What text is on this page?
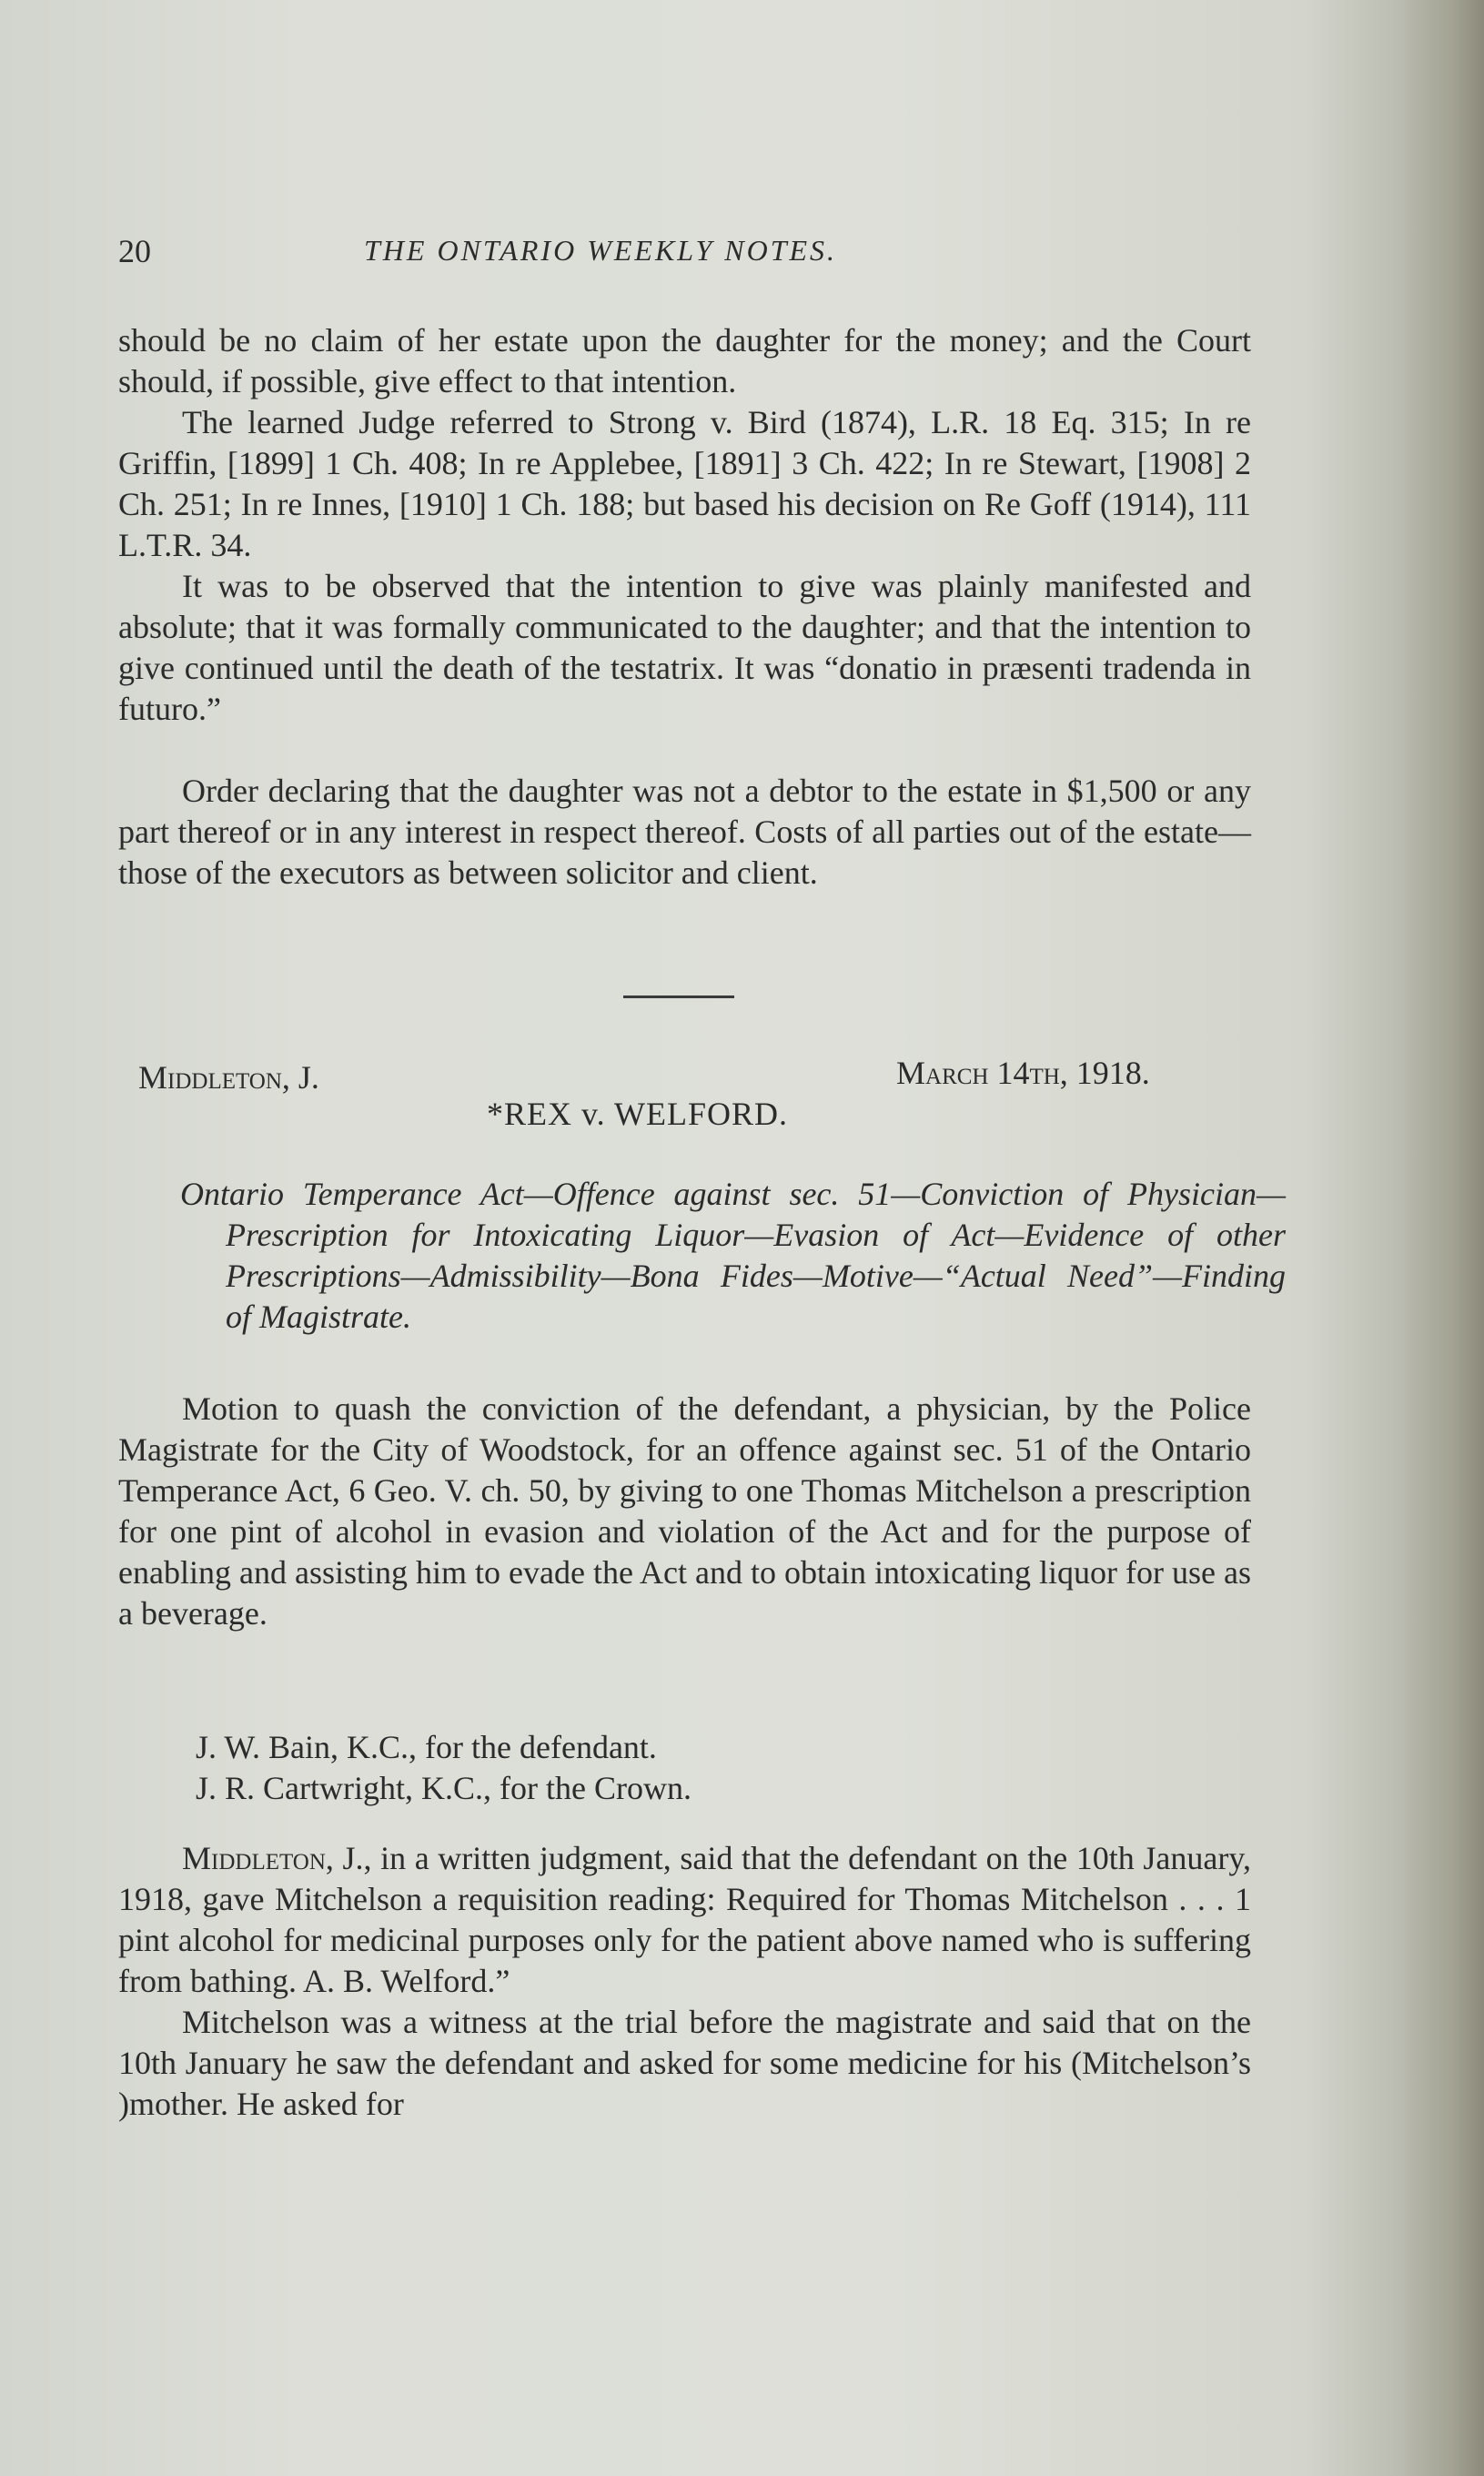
20	THE ONTARIO WEEKLY NOTES.

should be no claim of her estate upon the daughter for the money; and the Court should, if possible, give effect to that intention.

The learned Judge referred to Strong v. Bird (1874), L.R. 18 Eq. 315; In re Griffin, [1899] 1 Ch. 408; In re Applebee, [1891] 3 Ch. 422; In re Stewart, [1908] 2 Ch. 251; In re Innes, [1910] 1 Ch. 188; but based his decision on Re Goff (1914), 111 L.T.R. 34.

It was to be observed that the intention to give was plainly manifested and absolute; that it was formally communicated to the daughter; and that the intention to give continued until the death of the testatrix. It was “donatio in præsenti tradenda in futuro.”

Order declaring that the daughter was not a debtor to the estate in $1,500 or any part thereof or in any interest in respect thereof. Costs of all parties out of the estate—those of the executors as between solicitor and client.

Middleton, J.	March 14th, 1918.
*REX v. WELFORD.

Ontario Temperance Act—Offence against sec. 51—Conviction of Physician—Prescription for Intoxicating Liquor—Evasion of Act—Evidence of other Prescriptions—Admissibility—Bona Fides—Motive—“Actual Need”—Finding of Magistrate.

Motion to quash the conviction of the defendant, a physician, by the Police Magistrate for the City of Woodstock, for an offence against sec. 51 of the Ontario Temperance Act, 6 Geo. V. ch. 50, by giving to one Thomas Mitchelson a prescription for one pint of alcohol in evasion and violation of the Act and for the purpose of enabling and assisting him to evade the Act and to obtain intoxicating liquor for use as a beverage.

J. W. Bain, K.C., for the defendant.
J. R. Cartwright, K.C., for the Crown.

Middleton, J., in a written judgment, said that the defendant on the 10th January, 1918, gave Mitchelson a requisition reading: Required for Thomas Mitchelson . . . 1 pint alcohol for medicinal purposes only for the patient above named who is suffering from bathing. A. B. Welford.”

Mitchelson was a witness at the trial before the magistrate and said that on the 10th January he saw the defendant and asked for some medicine for his (Mitchelson’s )mother. He asked for
